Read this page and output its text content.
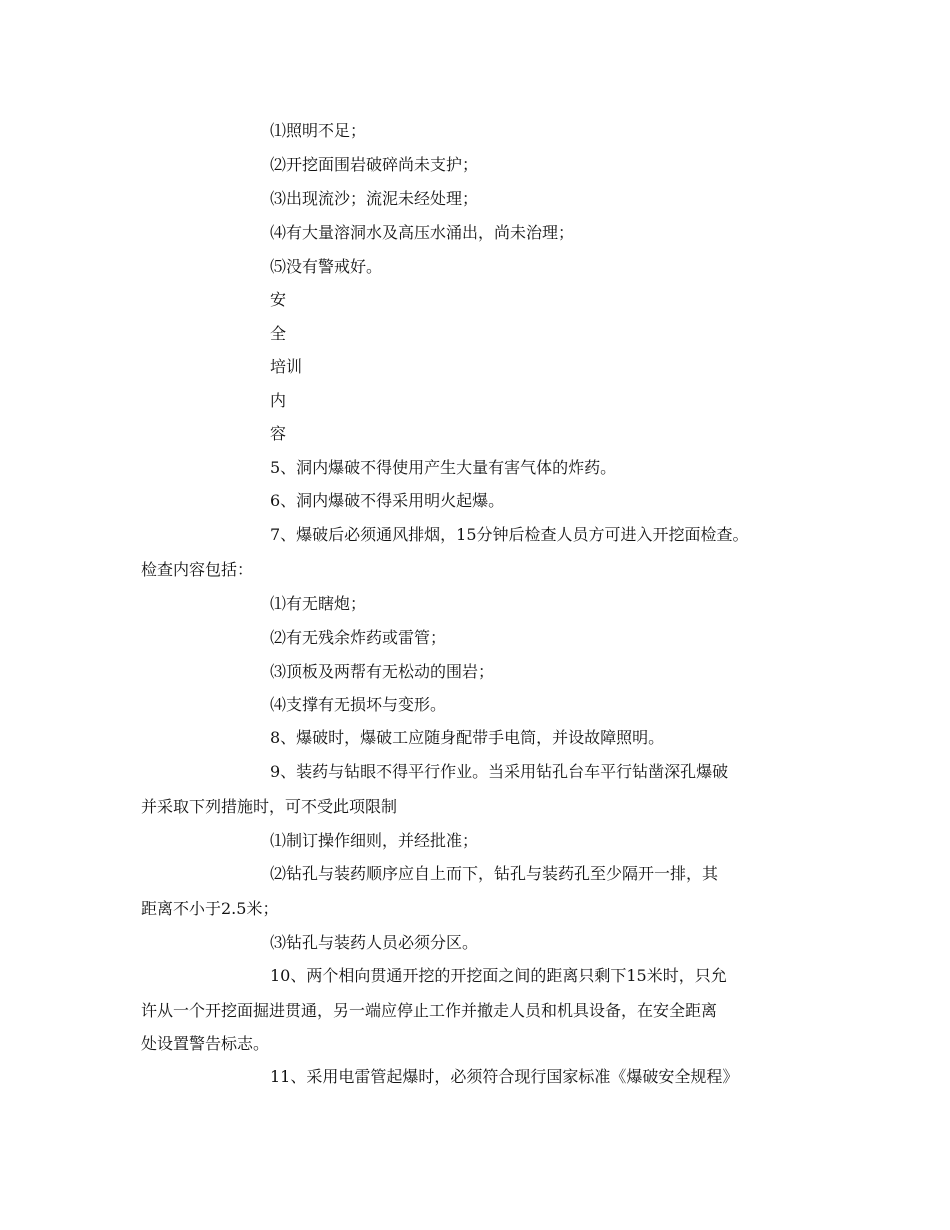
⑴照明不足；
⑵开挖面围岩破碎尚未支护；
⑶出现流沙；流泥未经处理；
⑷有大量溶洞水及高压水涌出，尚未治理；
⑸没有警戒好。
安
全
培训
内
容
5、洞内爆破不得使用产生大量有害气体的炸药。
6、洞内爆破不得采用明火起爆。
7、爆破后必须通风排烟，15分钟后检查人员方可进入开挖面检查。
检查内容包括：
⑴有无瞎炮；
⑵有无残余炸药或雷管；
⑶顶板及两帮有无松动的围岩；
⑷支撑有无损坏与变形。
8、爆破时，爆破工应随身配带手电筒，并设故障照明。
9、装药与钻眼不得平行作业。当采用钻孔台车平行钻凿深孔爆破
并采取下列措施时，可不受此项限制
⑴制订操作细则，并经批准；
⑵钻孔与装药顺序应自上而下，钻孔与装药孔至少隔开一排，其
距离不小于2.5米；
⑶钻孔与装药人员必须分区。
10、两个相向贯通开挖的开挖面之间的距离只剩下15米时，只允
许从一个开挖面掘进贯通，另一端应停止工作并撤走人员和机具设备，在安全距离
处设置警告标志。
11、采用电雷管起爆时，必须符合现行国家标准《爆破安全规程》
